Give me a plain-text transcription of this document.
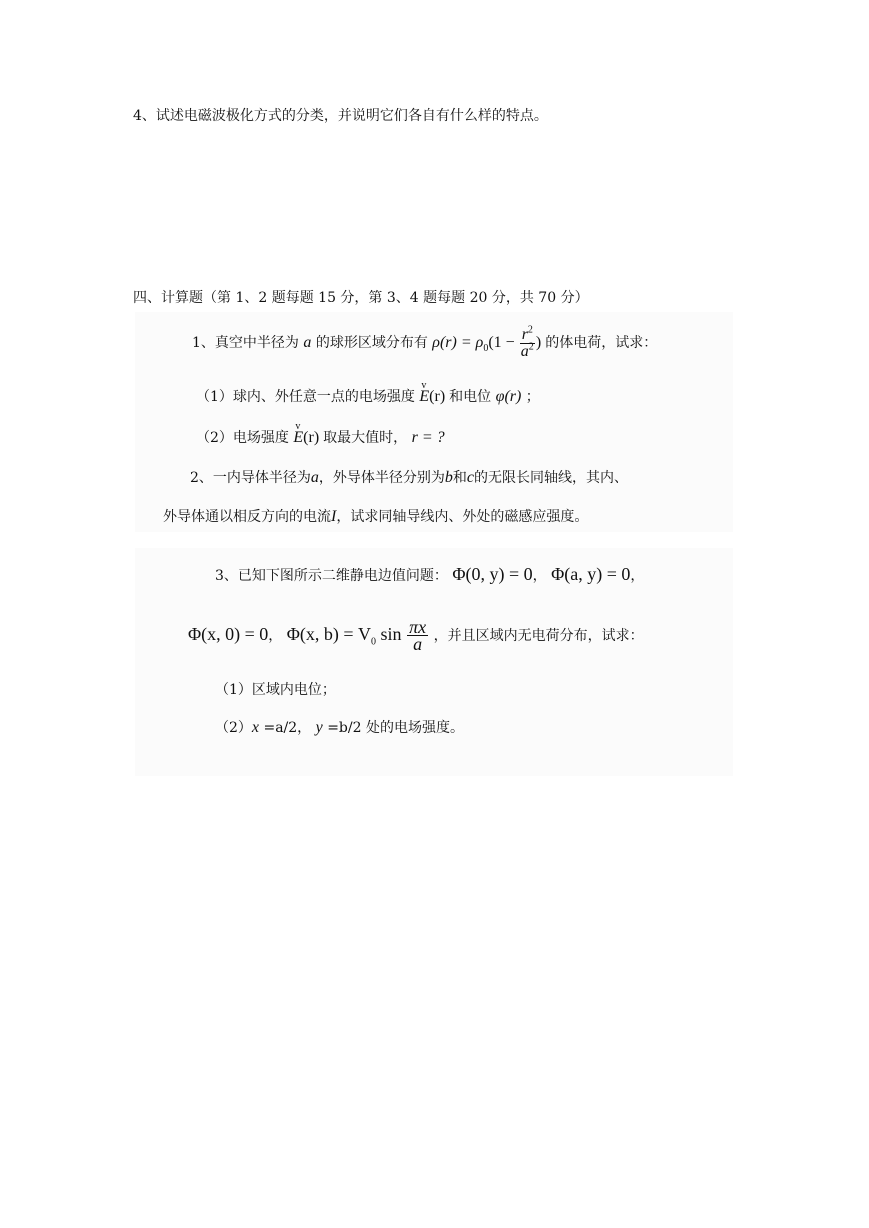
4、试述电磁波极化方式的分类，并说明它们各自有什么样的特点。
四、计算题（第 1、2 题每题 15 分，第 3、4 题每题 20 分，共 70 分）
1、真空中半径为 a 的球形区域分布有 $\rho(r) = \rho_0(1 - \frac{r^2}{a^2}$ ) 的体电荷，试求：
（1）球内、外任意一点的电场强度
v
E(r) 和电位 φ(r) ；
（2）电场强度
v
E(r) 取最大值时， r = ?
2、一内导体半径为a，外导体半径分别为b和c的无限长同轴线，其内、
外导体通以相反方向的电流I，试求同轴导线内、外处的磁感应强度。
3、已知下图所示二维静电边值问题： Φ(0, y) = 0， Φ(a, y) = 0，
Φ(x, 0) = 0， Φ(x, $b) = V_0$ $\sin \frac{\pi x}{a}$ ，并且区域内无电荷分布，试求：
（1）区域内电位；
（2）x =a/2， y =b/2 处的电场强度。
